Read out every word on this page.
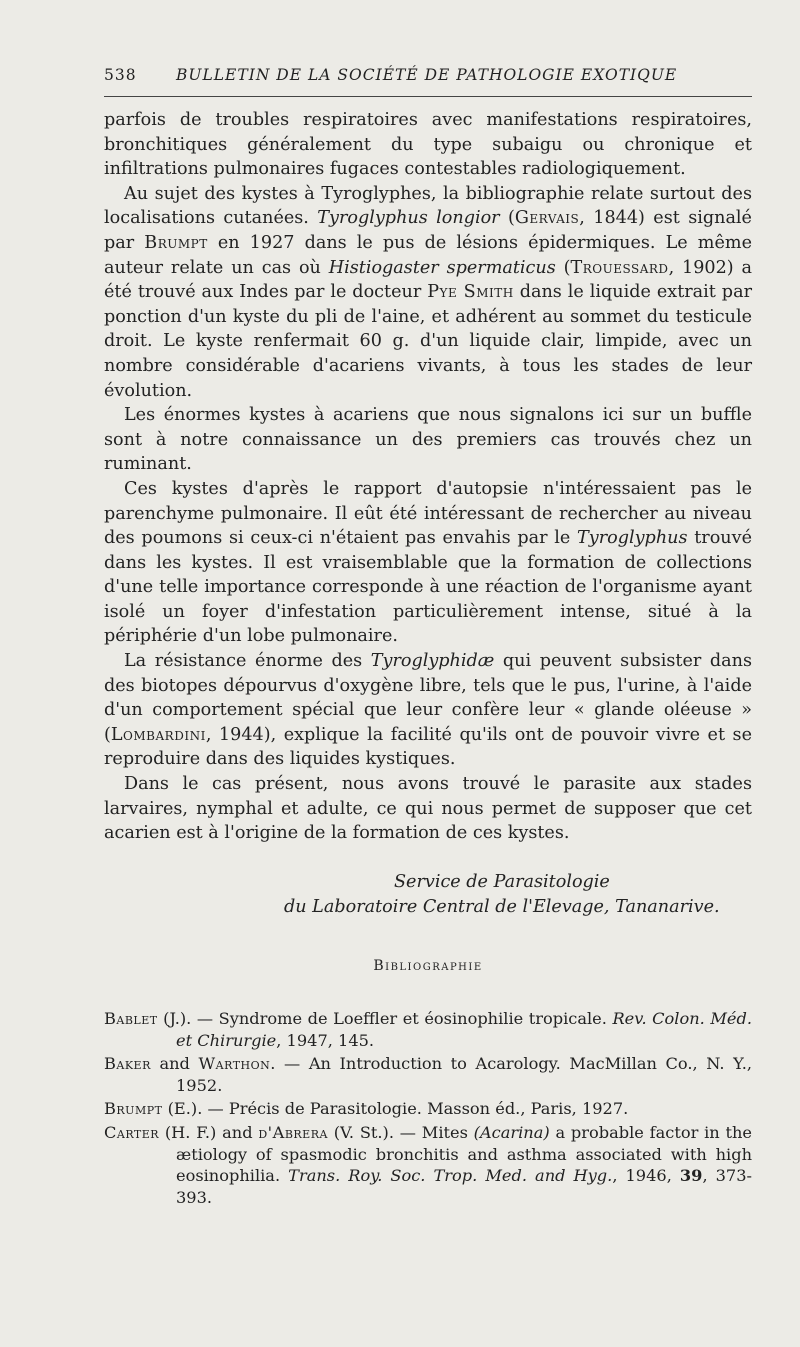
538	BULLETIN DE LA SOCIÉTÉ DE PATHOLOGIE EXOTIQUE

parfois de troubles respiratoires avec manifestations respiratoires, bronchitiques généralement du type subaigu ou chronique et infiltrations pulmonaires fugaces contestables radiologiquement.

Au sujet des kystes à Tyroglyphes, la bibliographie relate surtout des localisations cutanées. Tyroglyphus longior (Gervais, 1844) est signalé par Brumpt en 1927 dans le pus de lésions épidermiques. Le même auteur relate un cas où Histiogaster spermaticus (Trouessard, 1902) a été trouvé aux Indes par le docteur Pye Smith dans le liquide extrait par ponction d'un kyste du pli de l'aine, et adhérent au sommet du testicule droit. Le kyste renfermait 60 g. d'un liquide clair, limpide, avec un nombre considérable d'acariens vivants, à tous les stades de leur évolution.

Les énormes kystes à acariens que nous signalons ici sur un buffle sont à notre connaissance un des premiers cas trouvés chez un ruminant.

Ces kystes d'après le rapport d'autopsie n'intéressaient pas le parenchyme pulmonaire. Il eût été intéressant de rechercher au niveau des poumons si ceux-ci n'étaient pas envahis par le Tyroglyphus trouvé dans les kystes. Il est vraisemblable que la formation de collections d'une telle importance corresponde à une réaction de l'organisme ayant isolé un foyer d'infestation particulièrement intense, situé à la périphérie d'un lobe pulmonaire.

La résistance énorme des Tyroglyphidæ qui peuvent subsister dans des biotopes dépourvus d'oxygène libre, tels que le pus, l'urine, à l'aide d'un comportement spécial que leur confère leur « glande oléeuse » (Lombardini, 1944), explique la facilité qu'ils ont de pouvoir vivre et se reproduire dans des liquides kystiques.

Dans le cas présent, nous avons trouvé le parasite aux stades larvaires, nymphal et adulte, ce qui nous permet de supposer que cet acarien est à l'origine de la formation de ces kystes.

Service de Parasitologie
du Laboratoire Central de l'Elevage, Tananarive.
Bibliographie
Bablet (J.). — Syndrome de Loeffler et éosinophilie tropicale. Rev. Colon. Méd. et Chirurgie, 1947, 145.
Baker and Warthon. — An Introduction to Acarology. MacMillan Co., N. Y., 1952.
Brumpt (E.). — Précis de Parasitologie. Masson éd., Paris, 1927.
Carter (H. F.) and d'Abrera (V. St.). — Mites (Acarina) a probable factor in the ætiology of spasmodic bronchitis and asthma associated with high eosinophilia. Trans. Roy. Soc. Trop. Med. and Hyg., 1946, 39, 373-393.
